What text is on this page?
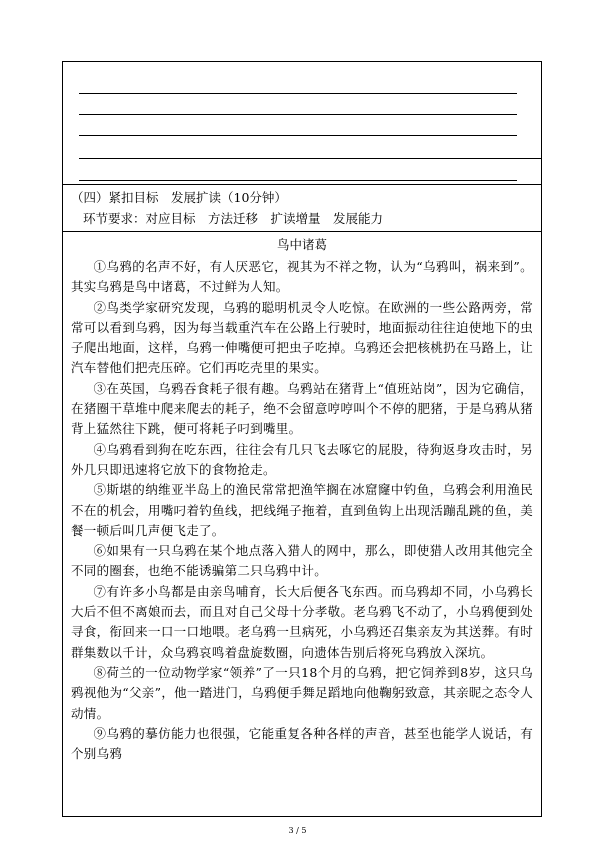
（四）紧扣目标　发展扩读（10分钟）
环节要求：对应目标　方法迁移　扩读增量　发展能力
鸟中诸葛

①乌鸦的名声不好，有人厌恶它，视其为不祥之物，认为“乌鸦叫，祸来到”。其实乌鸦是鸟中诸葛，不过鲜为人知。

②鸟类学家研究发现，乌鸦的聪明机灵令人吃惊。在欧洲的一些公路两旁，常常可以看到乌鸦，因为每当载重汽车在公路上行驶时，地面振动往往迫使地下的虫子爬出地面，这样，乌鸦一伸嘴便可把虫子吃掉。乌鸦还会把核桃扔在马路上，让汽车替他们把壳压碎。它们再吃壳里的果实。

③在英国，乌鸦吞食耗子很有趣。乌鸦站在猪背上“值班站岗”，因为它确信，在猪圈干草堆中爬来爬去的耗子，绝不会留意哼哼叫个不停的肥猪，于是乌鸦从猪背上猛然往下跳，便可将耗子叼到嘴里。

④乌鸦看到狗在吃东西，往往会有几只飞去啄它的屁股，待狗返身攻击时，另外几只即迅速将它放下的食物抢走。

⑤斯堪的纳维亚半岛上的渔民常常把渔竿搁在冰窟窿中钓鱼，乌鸦会利用渔民不在的机会，用嘴叼着钓鱼线，把线绳子拖着，直到鱼钩上出现活蹦乱跳的鱼，美餐一顿后叫几声便飞走了。

⑥如果有一只乌鸦在某个地点落入猎人的网中，那么，即使猎人改用其他完全不同的圈套，也绝不能诱骗第二只乌鸦中计。

⑦有许多小鸟都是由亲鸟哺育，长大后便各飞东西。而乌鸦却不同，小乌鸦长大后不但不离娘而去，而且对自己父母十分孝敬。老乌鸦飞不动了，小乌鸦便到处寻食，衔回来一口一口地喂。老乌鸦一旦病死，小乌鸦还召集亲友为其送葬。有时群集数以千计，众乌鸦哀鸣着盘旋数圈，向遗体告别后将死乌鸦放入深坑。

⑧荷兰的一位动物学家“领养”了一只18个月的乌鸦，把它饲养到8岁，这只乌鸦视他为“父亲”，他一踏进门，乌鸦便手舞足蹈地向他鞠躬致意，其亲昵之态令人动情。

⑨乌鸦的摹仿能力也很强，它能重复各种各样的声音，甚至也能学人说话，有个别乌鸦

3 / 5
